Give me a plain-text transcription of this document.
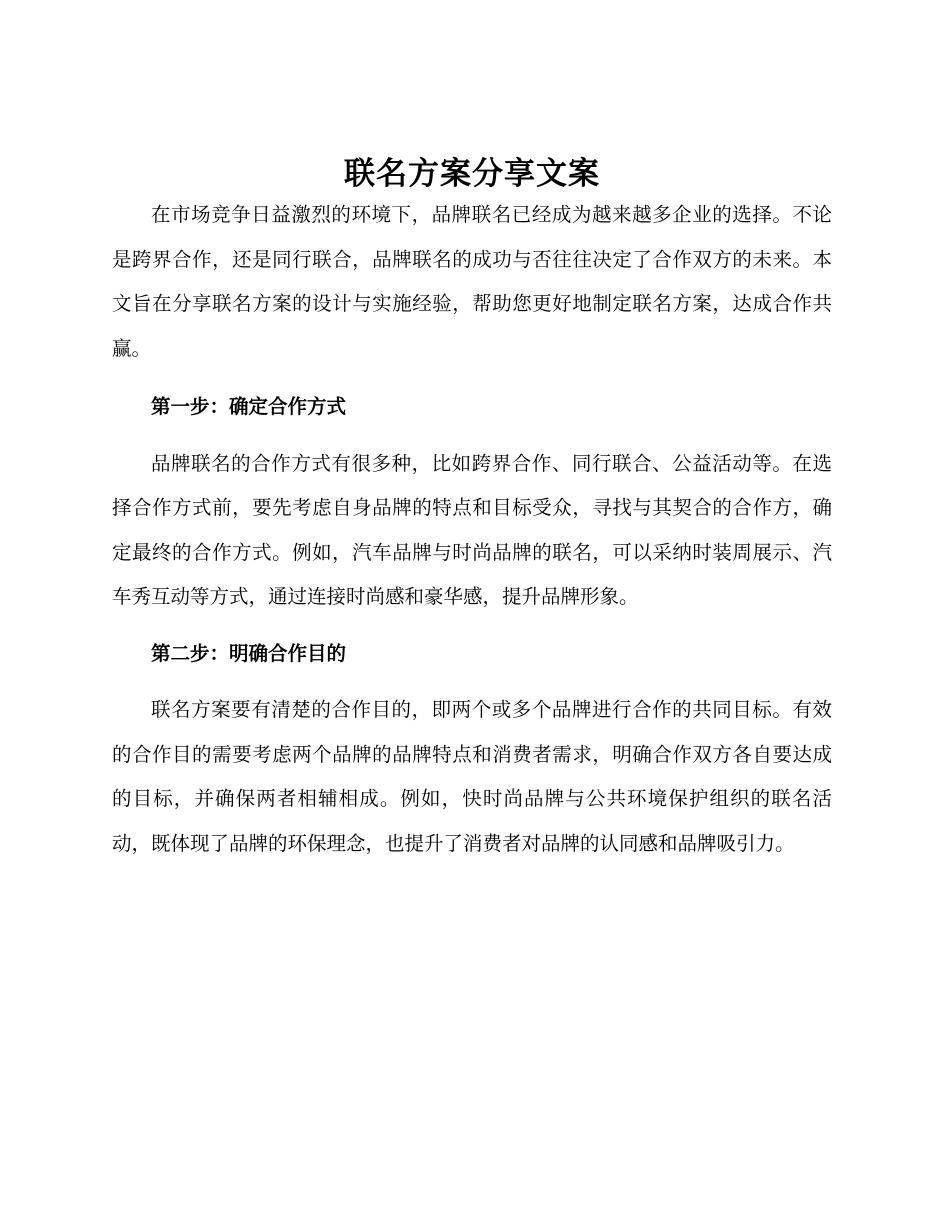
联名方案分享文案

在市场竞争日益激烈的环境下，品牌联名已经成为越来越多企业的选择。不论是跨界合作，还是同行联合，品牌联名的成功与否往往决定了合作双方的未来。本文旨在分享联名方案的设计与实施经验，帮助您更好地制定联名方案，达成合作共赢。

第一步：确定合作方式

品牌联名的合作方式有很多种，比如跨界合作、同行联合、公益活动等。在选择合作方式前，要先考虑自身品牌的特点和目标受众，寻找与其契合的合作方，确定最终的合作方式。例如，汽车品牌与时尚品牌的联名，可以采纳时装周展示、汽车秀互动等方式，通过连接时尚感和豪华感，提升品牌形象。

第二步：明确合作目的

联名方案要有清楚的合作目的，即两个或多个品牌进行合作的共同目标。有效的合作目的需要考虑两个品牌的品牌特点和消费者需求，明确合作双方各自要达成的目标，并确保两者相辅相成。例如，快时尚品牌与公共环境保护组织的联名活动，既体现了品牌的环保理念，也提升了消费者对品牌的认同感和品牌吸引力。
